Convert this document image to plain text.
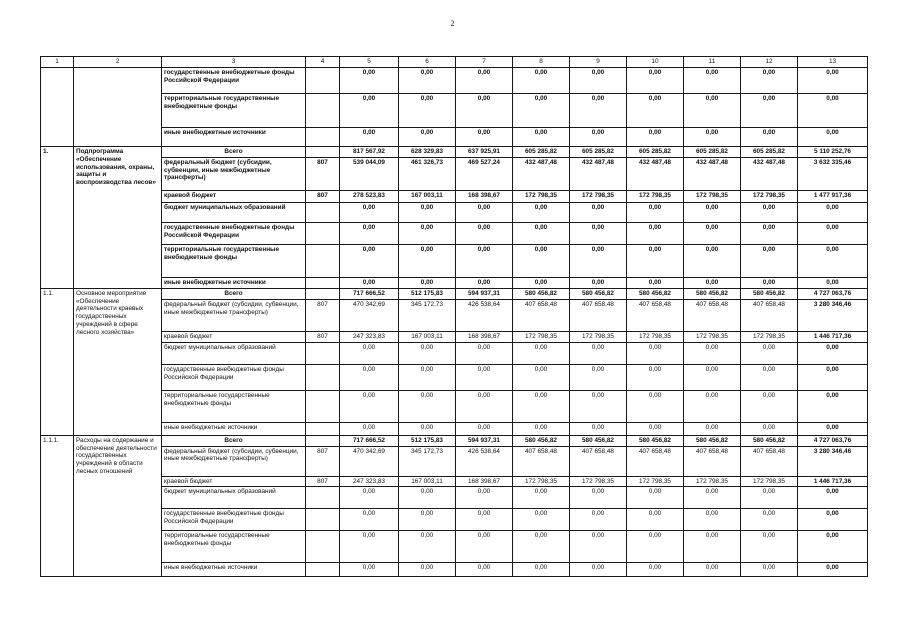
2
1	2	3	4	5	6	7	8	9	10	11	12	13
		государственные внебюджетные фонды Российской Федерации		0,00	0,00	0,00	0,00	0,00	0,00	0,00	0,00	0,00
		территориальные государственные внебюджетные фонды		0,00	0,00	0,00	0,00	0,00	0,00	0,00	0,00	0,00
		иные внебюджетные источники		0,00	0,00	0,00	0,00	0,00	0,00	0,00	0,00	0,00
1.	Подпрограмма «Обеспечение использования, охраны, защиты и воспроизводства лесов»	Всего		817 567,92	628 329,83	637 925,91	605 285,82	605 285,82	605 285,82	605 285,82	605 285,82	5 110 252,76
		федеральный бюджет (субсидии, субвенции, иные межбюджетные трансферты)	807	539 044,09	461 326,73	469 527,24	432 487,48	432 487,48	432 487,48	432 487,48	432 487,48	3 632 335,46
		краевой бюджет	807	278 523,83	167 003,11	168 398,67	172 798,35	172 798,35	172 798,35	172 798,35	172 798,35	1 477 917,36
		бюджет муниципальных образований		0,00	0,00	0,00	0,00	0,00	0,00	0,00	0,00	0,00
		государственные внебюджетные фонды Российской Федерации		0,00	0,00	0,00	0,00	0,00	0,00	0,00	0,00	0,00
		территориальные государственные внебюджетные фонды		0,00	0,00	0,00	0,00	0,00	0,00	0,00	0,00	0,00
		иные внебюджетные источники		0,00	0,00	0,00	0,00	0,00	0,00	0,00	0,00	0,00
1.1.	Основное мероприятие «Обеспечение деятельности краевых государственных учреждений в сфере лесного хозяйства»	Всего		717 666,52	512 175,83	594 937,31	580 456,82	580 456,82	580 456,82	580 456,82	580 456,82	4 727 063,76
		федеральный бюджет (субсидии, субвенции, иные межбюджетные трансферты)	807	470 342,69	345 172,73	426 538,64	407 658,48	407 658,48	407 658,48	407 658,48	407 658,48	3 280 346,46
		краевой бюджет	807	247 323,83	167 003,11	168 398,67	172 798,35	172 798,35	172 798,35	172 798,35	172 798,35	1 446 717,36
		бюджет муниципальных образований		0,00	0,00	0,00	0,00	0,00	0,00	0,00	0,00	0,00
		государственные внебюджетные фонды Российской Федерации		0,00	0,00	0,00	0,00	0,00	0,00	0,00	0,00	0,00
		территориальные государственные внебюджетные фонды		0,00	0,00	0,00	0,00	0,00	0,00	0,00	0,00	0,00
		иные внебюджетные источники		0,00	0,00	0,00	0,00	0,00	0,00	0,00	0,00	0,00
1.1.1.	Расходы на содержание и обеспечение деятельности государственных учреждений в области лесных отношений	Всего		717 666,52	512 175,83	594 937,31	580 456,82	580 456,82	580 456,82	580 456,82	580 456,82	4 727 063,76
		федеральный бюджет (субсидии, субвенции, иные межбюджетные трансферты)	807	470 342,69	345 172,73	426 538,64	407 658,48	407 658,48	407 658,48	407 658,48	407 658,48	3 280 346,46
		краевой бюджет	807	247 323,83	167 003,11	168 398,67	172 798,35	172 798,35	172 798,35	172 798,35	172 798,35	1 446 717,36
		бюджет муниципальных образований		0,00	0,00	0,00	0,00	0,00	0,00	0,00	0,00	0,00
		государственные внебюджетные фонды Российской Федерации		0,00	0,00	0,00	0,00	0,00	0,00	0,00	0,00	0,00
		территориальные государственные внебюджетные фонды		0,00	0,00	0,00	0,00	0,00	0,00	0,00	0,00	0,00
		иные внебюджетные источники		0,00	0,00	0,00	0,00	0,00	0,00	0,00	0,00	0,00
